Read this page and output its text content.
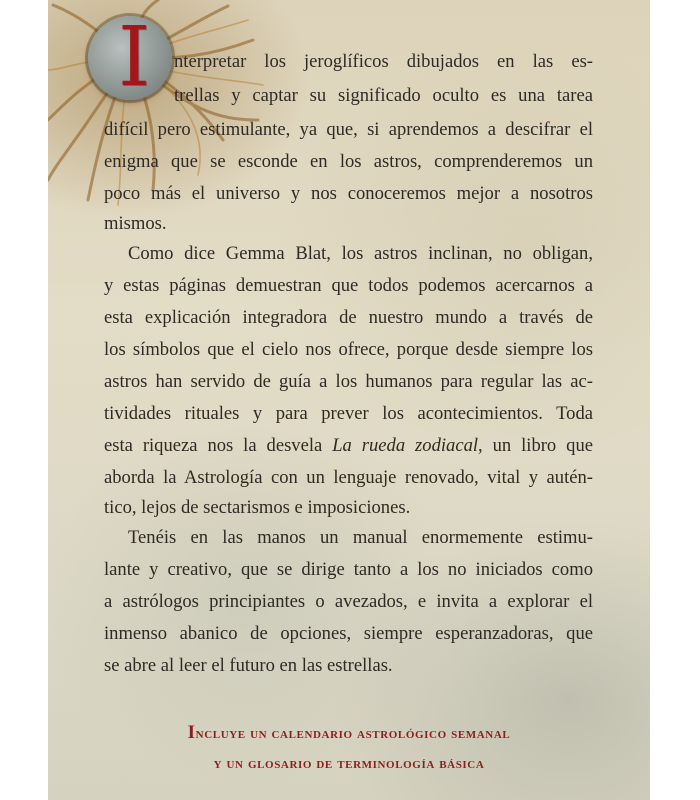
I nterpretar los jeroglíficos dibujados en las es-
trellas y captar su significado oculto es una tarea
difícil pero estimulante, ya que, si aprendemos a descifrar el
enigma que se esconde en los astros, comprenderemos un
poco más el universo y nos conoceremos mejor a nosotros
mismos.
Como dice Gemma Blat, los astros inclinan, no obligan,
y estas páginas demuestran que todos podemos acercarnos a
esta explicación integradora de nuestro mundo a través de
los símbolos que el cielo nos ofrece, porque desde siempre los
astros han servido de guía a los humanos para regular las ac-
tividades rituales y para prever los acontecimientos. Toda
esta riqueza nos la desvela La rueda zodiacal, un libro que
aborda la Astrología con un lenguaje renovado, vital y autén-
tico, lejos de sectarismos e imposiciones.
Tenéis en las manos un manual enormemente estimu-
lante y creativo, que se dirige tanto a los no iniciados como
a astrólogos principiantes o avezados, e invita a explorar el
inmenso abanico de opciones, siempre esperanzadoras, que
se abre al leer el futuro en las estrellas.
Incluye un calendario astrológico semanal
y un glosario de terminología básica
